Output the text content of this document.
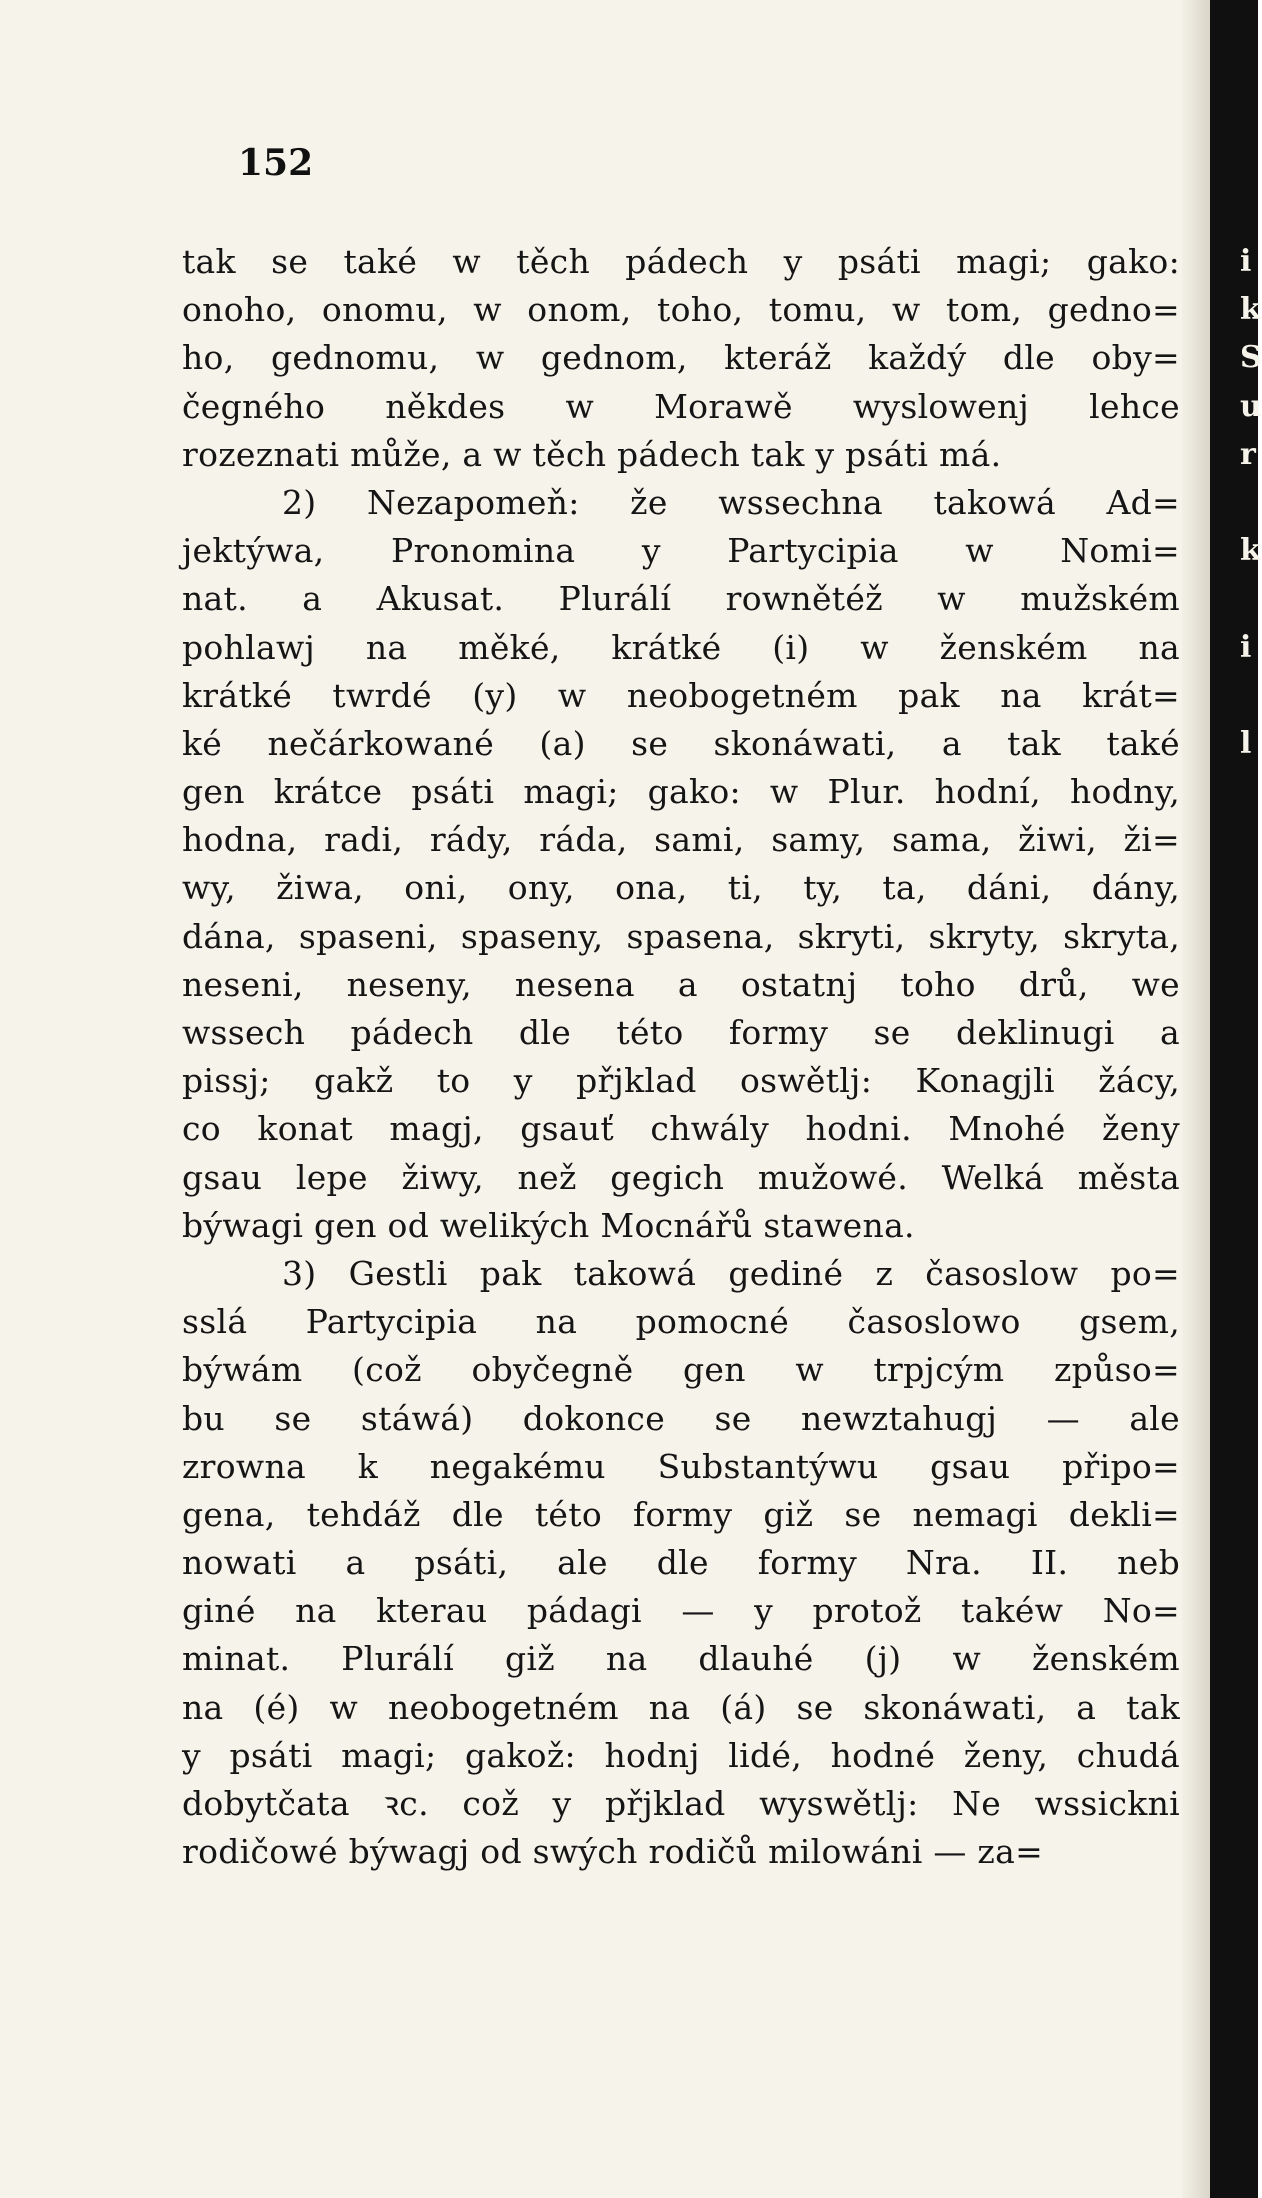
152
tak se také w těch pádech y psáti magi; gako:
onoho, onomu, w onom, toho, tomu, w tom, gedno=
ho, gednomu, w gednom, kteráž každý dle oby=
čegného někdes w Morawě wyslowenj lehce
rozeznati může, a w těch pádech tak y psáti má.
2) Nezapomeň: že wssechna takowá Ad=
jektýwa, Pronomina y Partycipia w Nomi=
nat. a Akusat. Plurálí rownětéž w mužském
pohlawj na měké, krátké (i) w ženském na
krátké twrdé (y) w neobogetném pak na krát=
ké nečárkowané (a) se skonáwati, a tak také
gen krátce psáti magi; gako: w Plur. hodní, hodny,
hodna, radi, rády, ráda, sami, samy, sama, žiwi, ži=
wy, žiwa, oni, ony, ona, ti, ty, ta, dáni, dány,
dána, spaseni, spaseny, spasena, skryti, skryty, skryta,
neseni, neseny, nesena a ostatnj toho drů, we
wssech pádech dle této formy se deklinugi a
pissj; gakž to y přjklad oswětlj: Konagjli žácy,
co konat magj, gsauť chwály hodni. Mnohé ženy
gsau lepe žiwy, než gegich mužowé. Welká města
býwagi gen od welikých Mocnářů stawena.
3) Gestli pak takowá gediné z časoslow po=
sslá Partycipia na pomocné časoslowo gsem,
býwám (což obyčegně gen w trpjcým způso=
bu se stáwá) dokonce se newztahugj — ale
zrowna k negakému Substantýwu gsau připo=
gena, tehdáž dle této formy giž se nemagi dekli=
nowati a psáti, ale dle formy Nra. II. neb
giné na kterau pádagi — y protož takéw No=
minat. Plurálí giž na dlauhé (j) w ženském
na (é) w neobogetném na (á) se skonáwati, a tak
y psáti magi; gakož: hodnj lidé, hodné ženy, chudá
dobytčata ꝛc. což y přjklad wyswětlj: Ne wssickni
rodičowé býwagj od swých rodičů milowáni — za=
i
k
S
u
r
k
i
l
